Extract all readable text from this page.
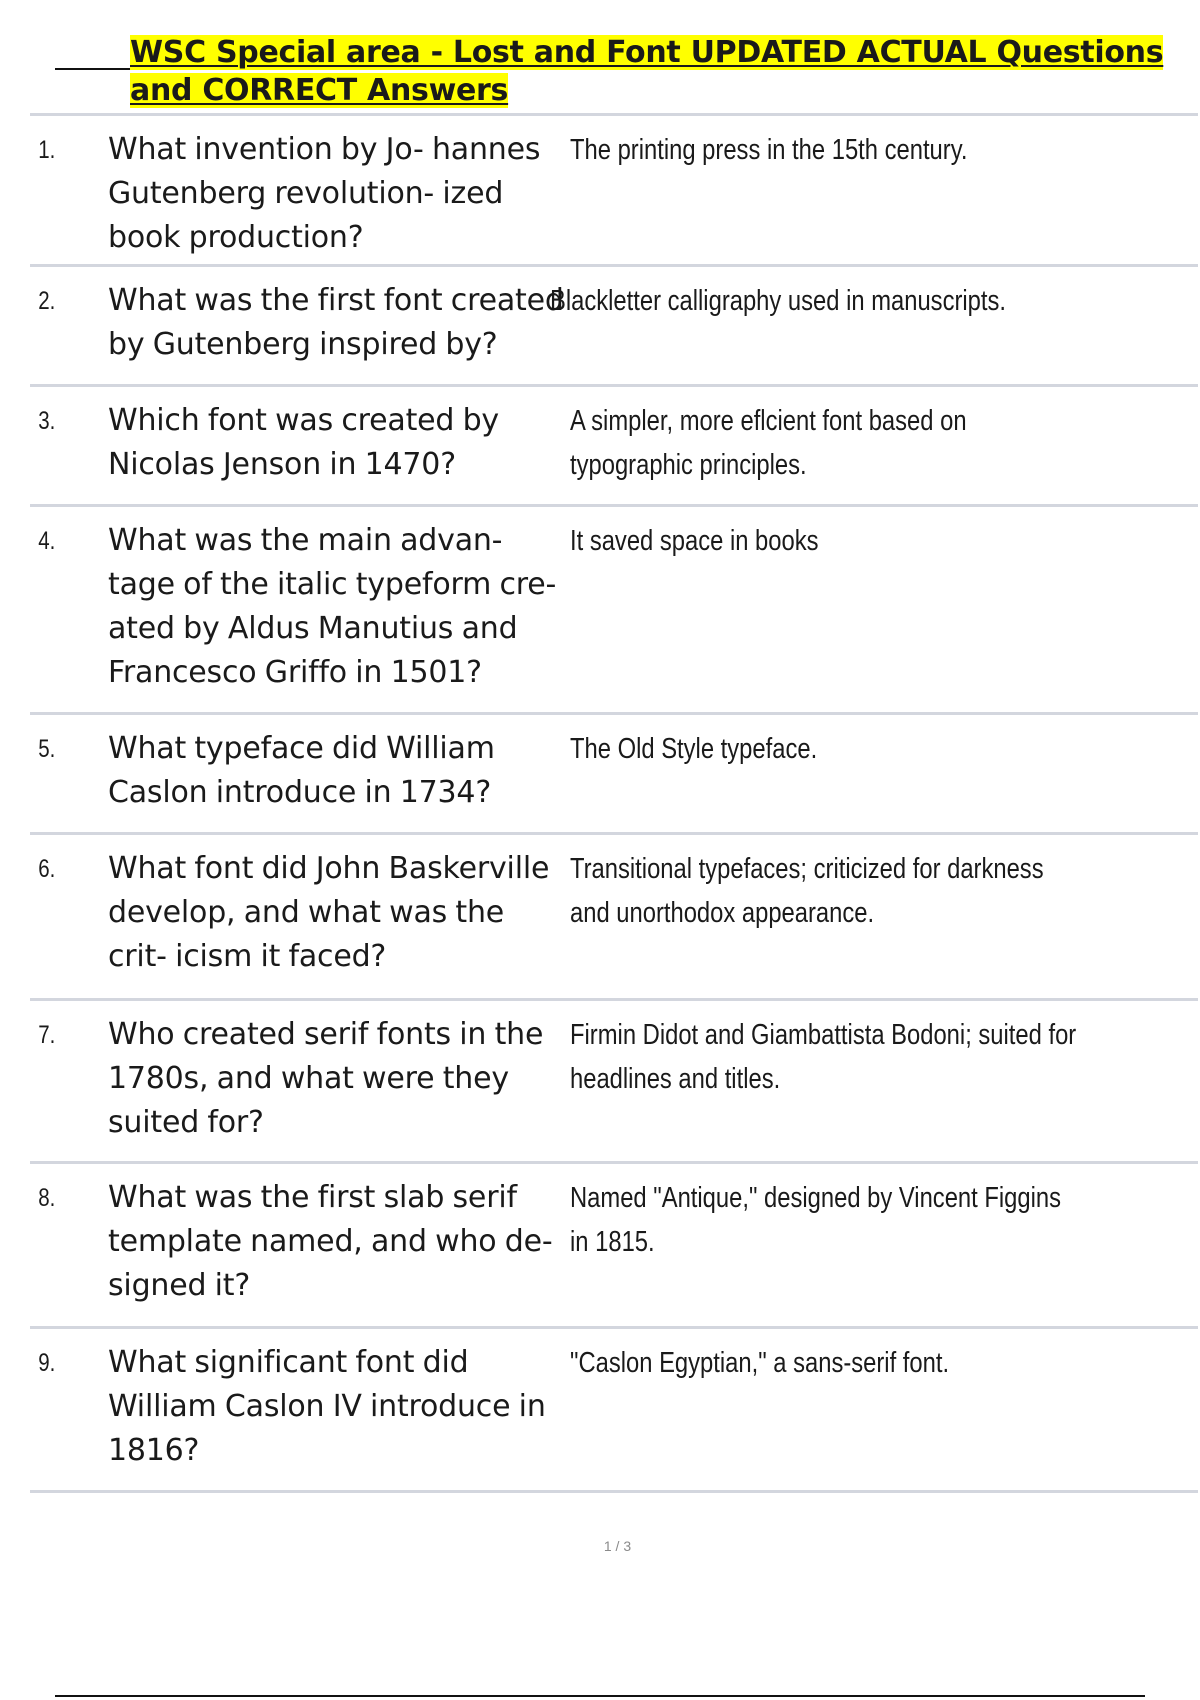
WSC Special area - Lost and Font UPDATED ACTUAL Questions and CORRECT Answers
1.	What invention by Jo- hannes Gutenberg revolution- ized book production?
The printing press in the 15th century.
2.	What was the first font created by Gutenberg inspired by?
Blackletter calligraphy used in manuscripts.
3.	Which font was created by Nicolas Jenson in 1470?
A simpler, more eflcient font based on typographic principles.
4.	What was the main advan- tage of the italic typeform cre- ated by Aldus Manutius and Francesco Griffo in 1501?
It saved space in books
5.	What typeface did William Caslon introduce in 1734?
The Old Style typeface.
6.	What font did John Baskerville develop, and what was the crit- icism it faced?
Transitional typefaces; criticized for darkness and unorthodox appearance.
7.	Who created serif fonts in the 1780s, and what were they suited for?
Firmin Didot and Giambattista Bodoni; suited for headlines and titles.
8.	What was the first slab serif template named, and who de- signed it?
Named "Antique," designed by Vincent Figgins in 1815.
9.	What significant font did William Caslon IV introduce in 1816?
"Caslon Egyptian," a sans-serif font.
1 / 3
